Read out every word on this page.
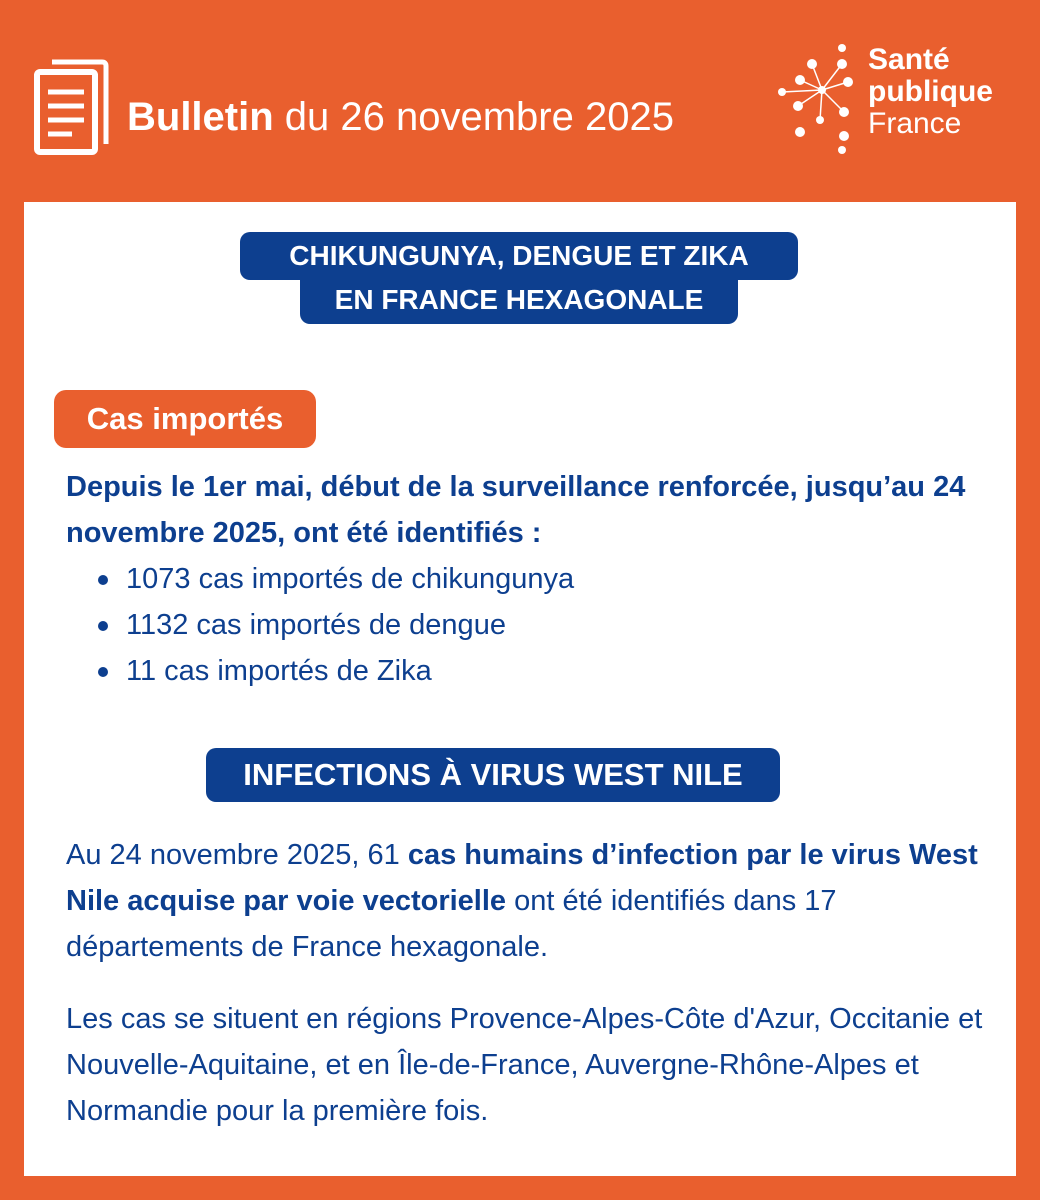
Bulletin du 26 novembre 2025
Santé
publique
France
CHIKUNGUNYA, DENGUE ET ZIKA
EN FRANCE HEXAGONALE
Cas importés
Depuis le 1er mai, début de la surveillance renforcée, jusqu’au 24 novembre 2025, ont été identifiés :
1073 cas importés de chikungunya
1132 cas importés de dengue
11 cas importés de Zika
INFECTIONS À VIRUS WEST NILE
Au 24 novembre 2025, 61 cas humains d’infection par le virus West Nile acquise par voie vectorielle ont été identifiés dans 17 départements de France hexagonale.
Les cas se situent en régions Provence-Alpes-Côte d'Azur, Occitanie et Nouvelle-Aquitaine, et en Île-de-France, Auvergne-Rhône-Alpes et Normandie pour la première fois.
